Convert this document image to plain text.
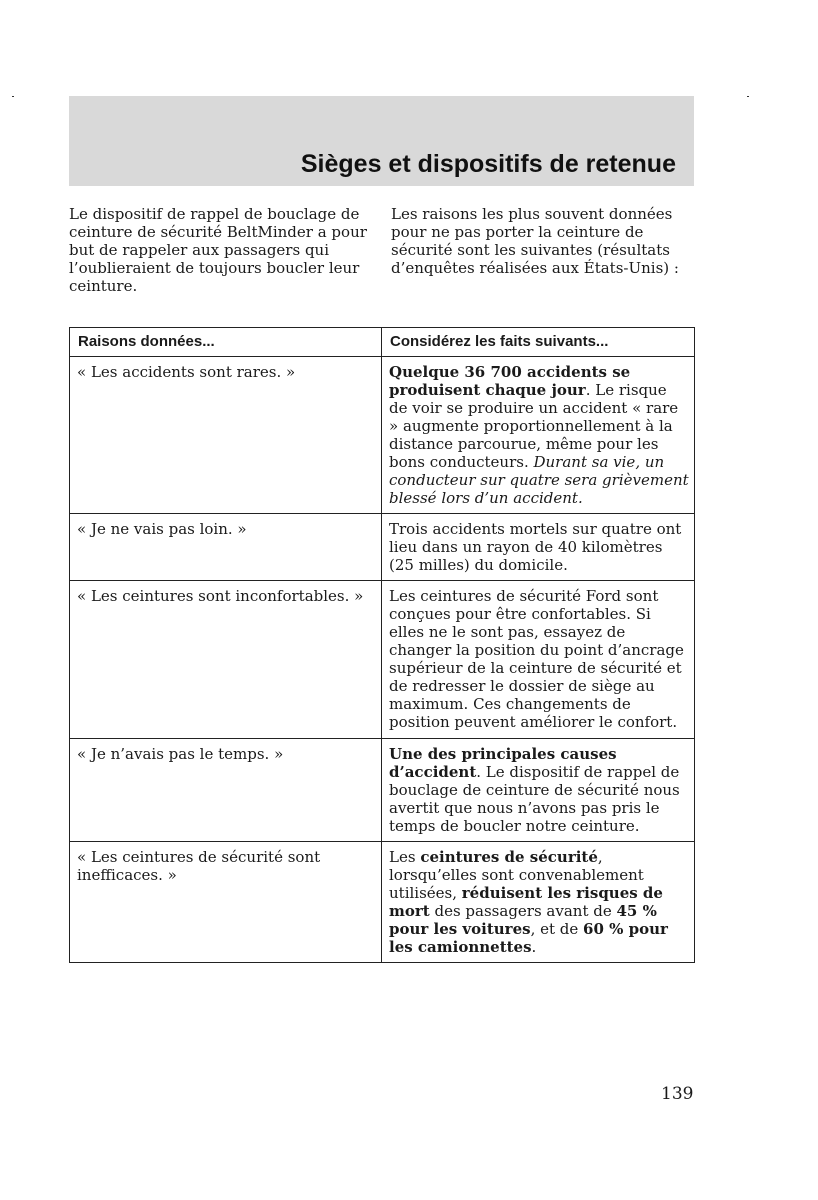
Sièges et dispositifs de retenue

Le dispositif de rappel de bouclage de ceinture de sécurité BeltMinder a pour but de rappeler aux passagers qui l’oublieraient de toujours boucler leur ceinture.

Les raisons les plus souvent données pour ne pas porter la ceinture de sécurité sont les suivantes (résultats d’enquêtes réalisées aux États-Unis) :

Raisons données...	Considérez les faits suivants...
« Les accidents sont rares. »	Quelque 36 700 accidents se produisent chaque jour. Le risque de voir se produire un accident « rare » augmente proportionnellement à la distance parcourue, même pour les bons conducteurs. Durant sa vie, un conducteur sur quatre sera grièvement blessé lors d’un accident.
« Je ne vais pas loin. »	Trois accidents mortels sur quatre ont lieu dans un rayon de 40 kilomètres (25 milles) du domicile.
« Les ceintures sont inconfortables. »	Les ceintures de sécurité Ford sont conçues pour être confortables. Si elles ne le sont pas, essayez de changer la position du point d’ancrage supérieur de la ceinture de sécurité et de redresser le dossier de siège au maximum. Ces changements de position peuvent améliorer le confort.
« Je n’avais pas le temps. »	Une des principales causes d’accident. Le dispositif de rappel de bouclage de ceinture de sécurité nous avertit que nous n’avons pas pris le temps de boucler notre ceinture.
« Les ceintures de sécurité sont inefficaces. »	Les ceintures de sécurité, lorsqu’elles sont convenablement utilisées, réduisent les risques de mort des passagers avant de 45 % pour les voitures, et de 60 % pour les camionnettes.

139
